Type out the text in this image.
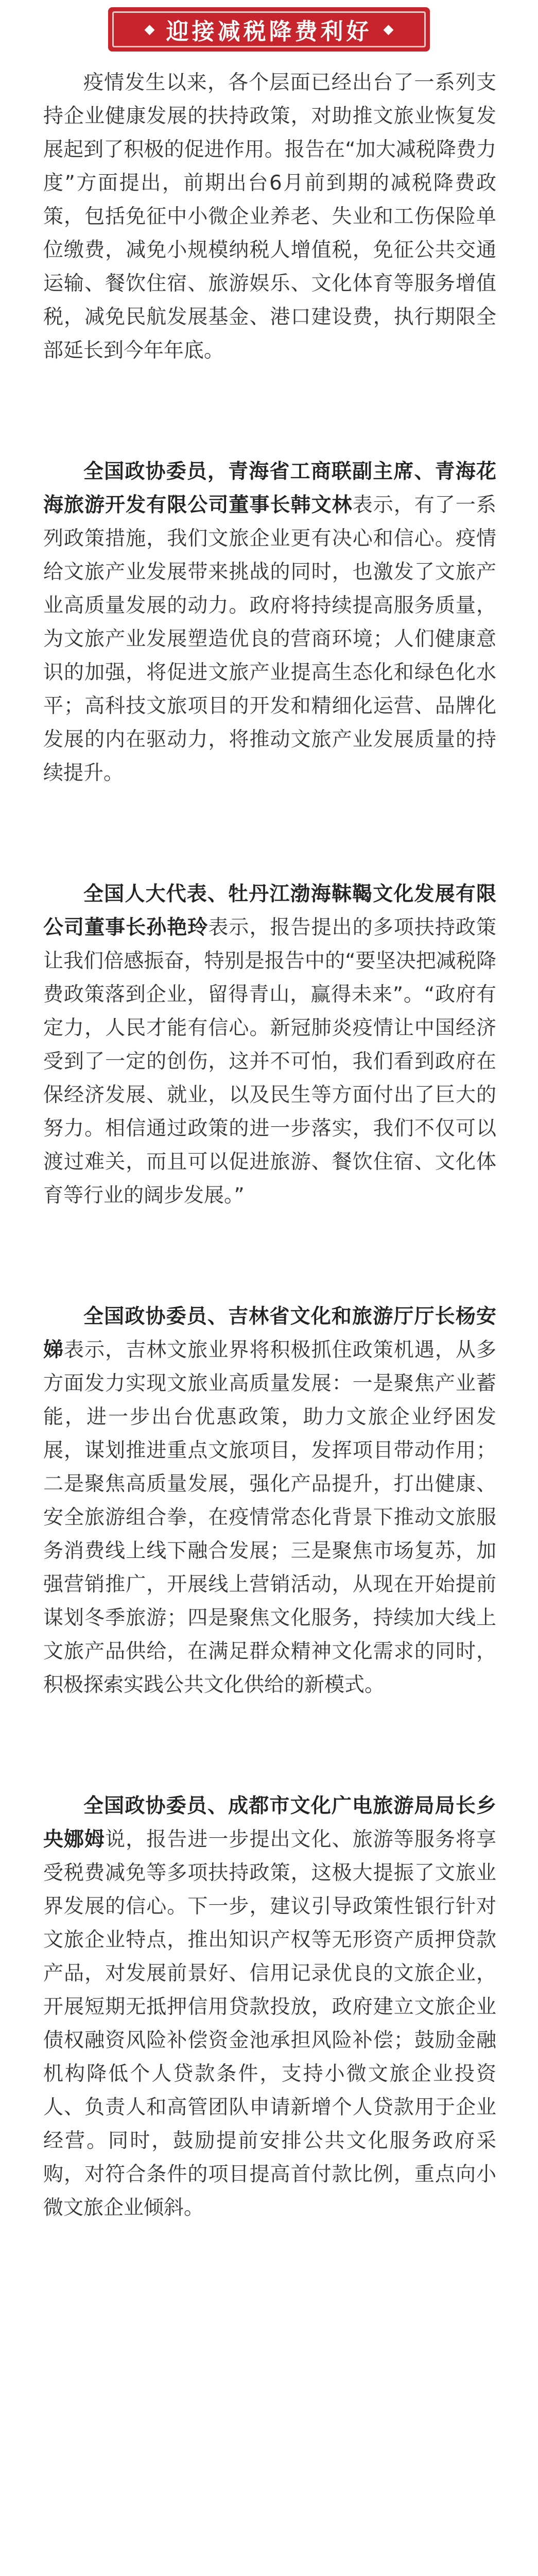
◆ 迎接减税降费利好 ◆

疫情发生以来，各个层面已经出台了一系列支持企业健康发展的扶持政策，对助推文旅业恢复发展起到了积极的促进作用。报告在“加大减税降费力度”方面提出，前期出台6月前到期的减税降费政策，包括免征中小微企业养老、失业和工伤保险单位缴费，减免小规模纳税人增值税，免征公共交通运输、餐饮住宿、旅游娱乐、文化体育等服务增值税，减免民航发展基金、港口建设费，执行期限全部延长到今年年底。

全国政协委员，青海省工商联副主席、青海花海旅游开发有限公司董事长韩文林表示，有了一系列政策措施，我们文旅企业更有决心和信心。疫情给文旅产业发展带来挑战的同时，也激发了文旅产业高质量发展的动力。政府将持续提高服务质量，为文旅产业发展塑造优良的营商环境；人们健康意识的加强，将促进文旅产业提高生态化和绿色化水平；高科技文旅项目的开发和精细化运营、品牌化发展的内在驱动力，将推动文旅产业发展质量的持续提升。

全国人大代表、牡丹江渤海靺鞨文化发展有限公司董事长孙艳玲表示，报告提出的多项扶持政策让我们倍感振奋，特别是报告中的“要坚决把减税降费政策落到企业，留得青山，赢得未来”。“政府有定力，人民才能有信心。新冠肺炎疫情让中国经济受到了一定的创伤，这并不可怕，我们看到政府在保经济发展、就业，以及民生等方面付出了巨大的努力。相信通过政策的进一步落实，我们不仅可以渡过难关，而且可以促进旅游、餐饮住宿、文化体育等行业的阔步发展。”

全国政协委员、吉林省文化和旅游厅厅长杨安娣表示，吉林文旅业界将积极抓住政策机遇，从多方面发力实现文旅业高质量发展：一是聚焦产业蓄能，进一步出台优惠政策，助力文旅企业纾困发展，谋划推进重点文旅项目，发挥项目带动作用；二是聚焦高质量发展，强化产品提升，打出健康、安全旅游组合拳，在疫情常态化背景下推动文旅服务消费线上线下融合发展；三是聚焦市场复苏，加强营销推广，开展线上营销活动，从现在开始提前谋划冬季旅游；四是聚焦文化服务，持续加大线上文旅产品供给，在满足群众精神文化需求的同时，积极探索实践公共文化供给的新模式。

全国政协委员、成都市文化广电旅游局局长乡央娜姆说，报告进一步提出文化、旅游等服务将享受税费减免等多项扶持政策，这极大提振了文旅业界发展的信心。下一步，建议引导政策性银行针对文旅企业特点，推出知识产权等无形资产质押贷款产品，对发展前景好、信用记录优良的文旅企业，开展短期无抵押信用贷款投放，政府建立文旅企业债权融资风险补偿资金池承担风险补偿；鼓励金融机构降低个人贷款条件，支持小微文旅企业投资人、负责人和高管团队申请新增个人贷款用于企业经营。同时，鼓励提前安排公共文化服务政府采购，对符合条件的项目提高首付款比例，重点向小微文旅企业倾斜。
